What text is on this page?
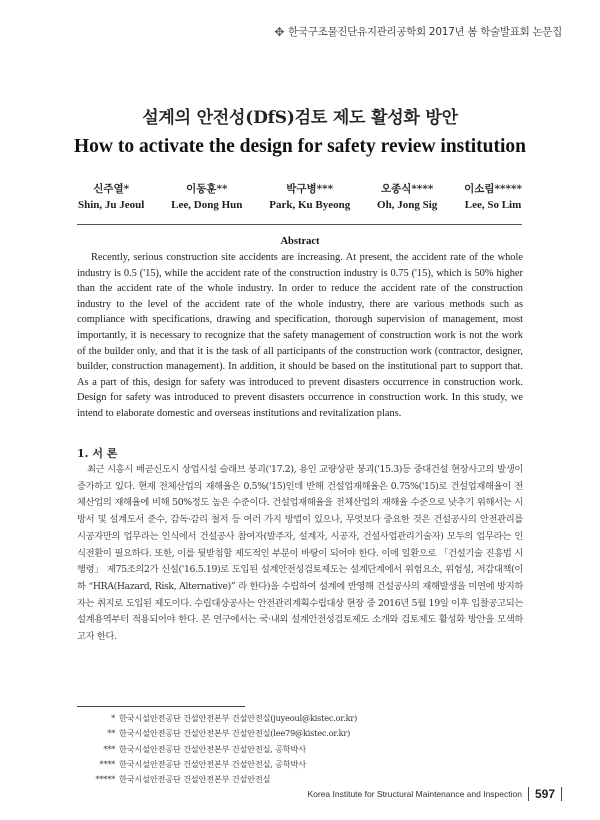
✥ 한국구조물진단유지관리공학회 2017년 봄 학술발표회 논문집
설계의 안전성(DfS)검토 제도 활성화 방안
How to activate the design for safety review institution
신주열*
Shin, Ju Jeoul
이동훈**
Lee, Dong Hun
박구병***
Park, Ku Byeong
오종식****
Oh, Jong Sig
이소림*****
Lee, So Lim
Abstract

Recently, serious construction site accidents are increasing. At present, the accident rate of the whole industry is 0.5 ('15), while the accident rate of the construction industry is 0.75 ('15), which is 50% higher than the accident rate of the whole industry. In order to reduce the accident rate of the construction industry to the level of the accident rate of the whole industry, there are various methods such as compliance with specifications, drawing and specification, thorough supervision of management, most importantly, it is necessary to recognize that the safety management of construction work is not the work of the builder only, and that it is the task of all participants of the construction work (contractor, designer, builder, construction management). In addition, it should be based on the institutional part to support that. As a part of this, design for safety was introduced to prevent disasters occurrence in construction work. Design for safety was introduced to prevent disasters occurrence in construction work. In this study, we intend to elaborate domestic and overseas institutions and revitalization plans.

1. 서 론

최근 시흥시 배곧신도시 상업시설 슬래브 붕괴('17.2), 용인 교량상판 붕괴('15.3)등 중대건설 현장사고의 발생이 증가하고 있다. 현재 전체산업의 재해율은 0.5%('15)인데 반해 건설업재해율은 0.75%('15)로 건설업재해율이 전체산업의 재해율에 비해 50%정도 높은 수준이다. 건설업재해율을 전체산업의 재해율 수준으로 낮추기 위해서는 시방서 및 설계도서 준수, 감독·감리 철저 등 여러 가지 방법이 있으나, 무엇보다 중요한 것은 건설공사의 안전관리를 시공자만의 업무라는 인식에서 건설공사 참여자(발주자, 설계자, 시공자, 건설사업관리기술자) 모두의 업무라는 인식전환이 필요하다. 또한, 이를 뒷받침할 제도적인 부분이 바탕이 되어야 한다. 이에 일환으로 「건설기술 진흥법 시행령」 제75조의2가 신설('16.5.19)로 도입된 설계안전성검토제도는 설계단계에서 위험요소, 위험성, 저감대책(이하 “HRA(Hazard, Risk, Alternative)” 라 한다)을 수립하여 설계에 반영해 건설공사의 재해발생을 미연에 방지하자는 취지로 도입된 제도이다. 수립대상공사는 안전관리계획수립대상 현장 중 2016년 5월 19일 이후 입찰공고되는 설계용역부터 적용되어야 한다. 본 연구에서는 국·내외 설계안전성검토제도 소개와 검토제도 활성화 방안을 모색하고자 한다.

* 한국시설안전공단 건설안전본부 건설안전실(juyeoul@kistec.or.kr)
** 한국시설안전공단 건설안전본부 건설안전실(lee79@kistec.or.kr)
*** 한국시설안전공단 건설안전본부 건설안전실, 공학박사
**** 한국시설안전공단 건설안전본부 건설안전실, 공학박사
***** 한국시설안전공단 건설안전본부 건설안전실
Korea Institute for Structural Maintenance and Inspection 597
